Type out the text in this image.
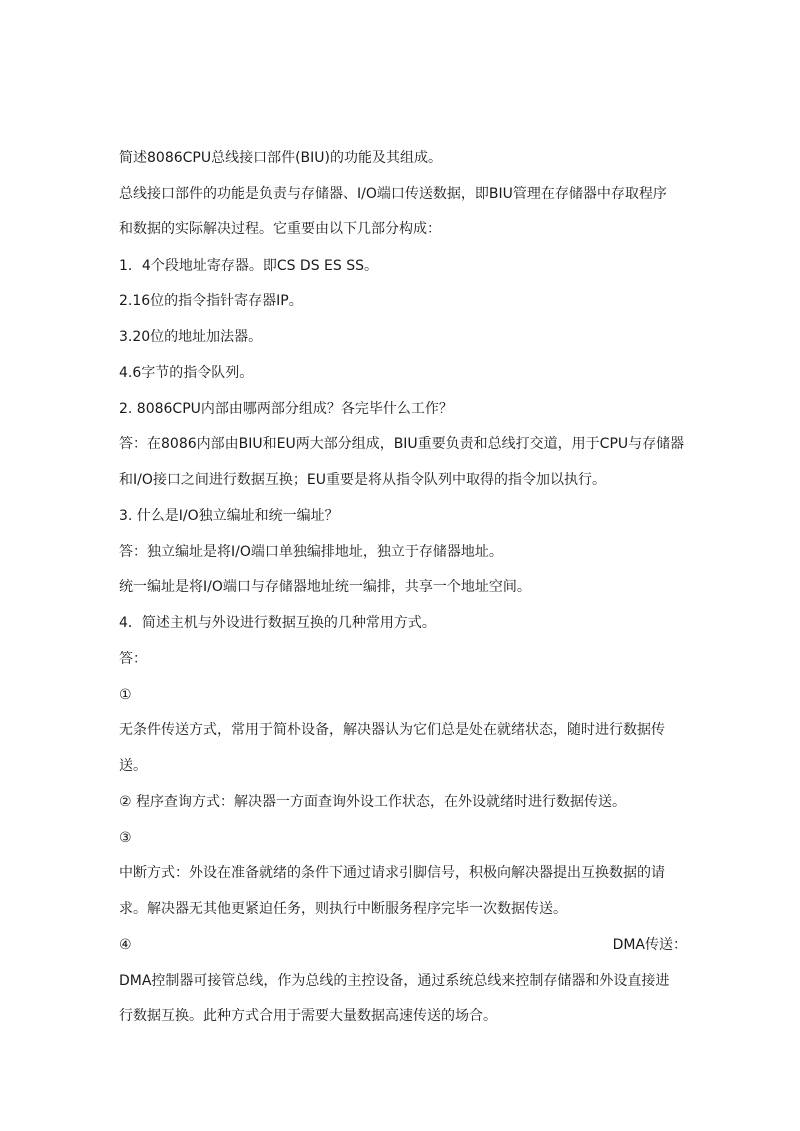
简述8086CPU总线接口部件(BIU)的功能及其组成。
总线接口部件的功能是负责与存储器、I/O端口传送数据，即BIU管理在存储器中存取程序
和数据的实际解决过程。它重要由以下几部分构成：
1．4个段地址寄存器。即CS DS ES SS。
2.16位的指令指针寄存器IP。
3.20位的地址加法器。
4.6字节的指令队列。
2. 8086CPU内部由哪两部分组成？各完毕什么工作？
答：在8086内部由BIU和EU两大部分组成，BIU重要负责和总线打交道，用于CPU与存储器
和I/O接口之间进行数据互换；EU重要是将从指令队列中取得的指令加以执行。
3. 什么是I/O独立编址和统一编址？
答：独立编址是将I/O端口单独编排地址，独立于存储器地址。
统一编址是将I/O端口与存储器地址统一编排，共享一个地址空间。
4．简述主机与外设进行数据互换的几种常用方式。
答：
①
无条件传送方式，常用于简朴设备，解决器认为它们总是处在就绪状态，随时进行数据传
送。
② 程序查询方式：解决器一方面查询外设工作状态，在外设就绪时进行数据传送。
③
中断方式：外设在准备就绪的条件下通过请求引脚信号，积极向解决器提出互换数据的请
求。解决器无其他更紧迫任务，则执行中断服务程序完毕一次数据传送。
④	DMA传送：
DMA控制器可接管总线，作为总线的主控设备，通过系统总线来控制存储器和外设直接进
行数据互换。此种方式合用于需要大量数据高速传送的场合。
